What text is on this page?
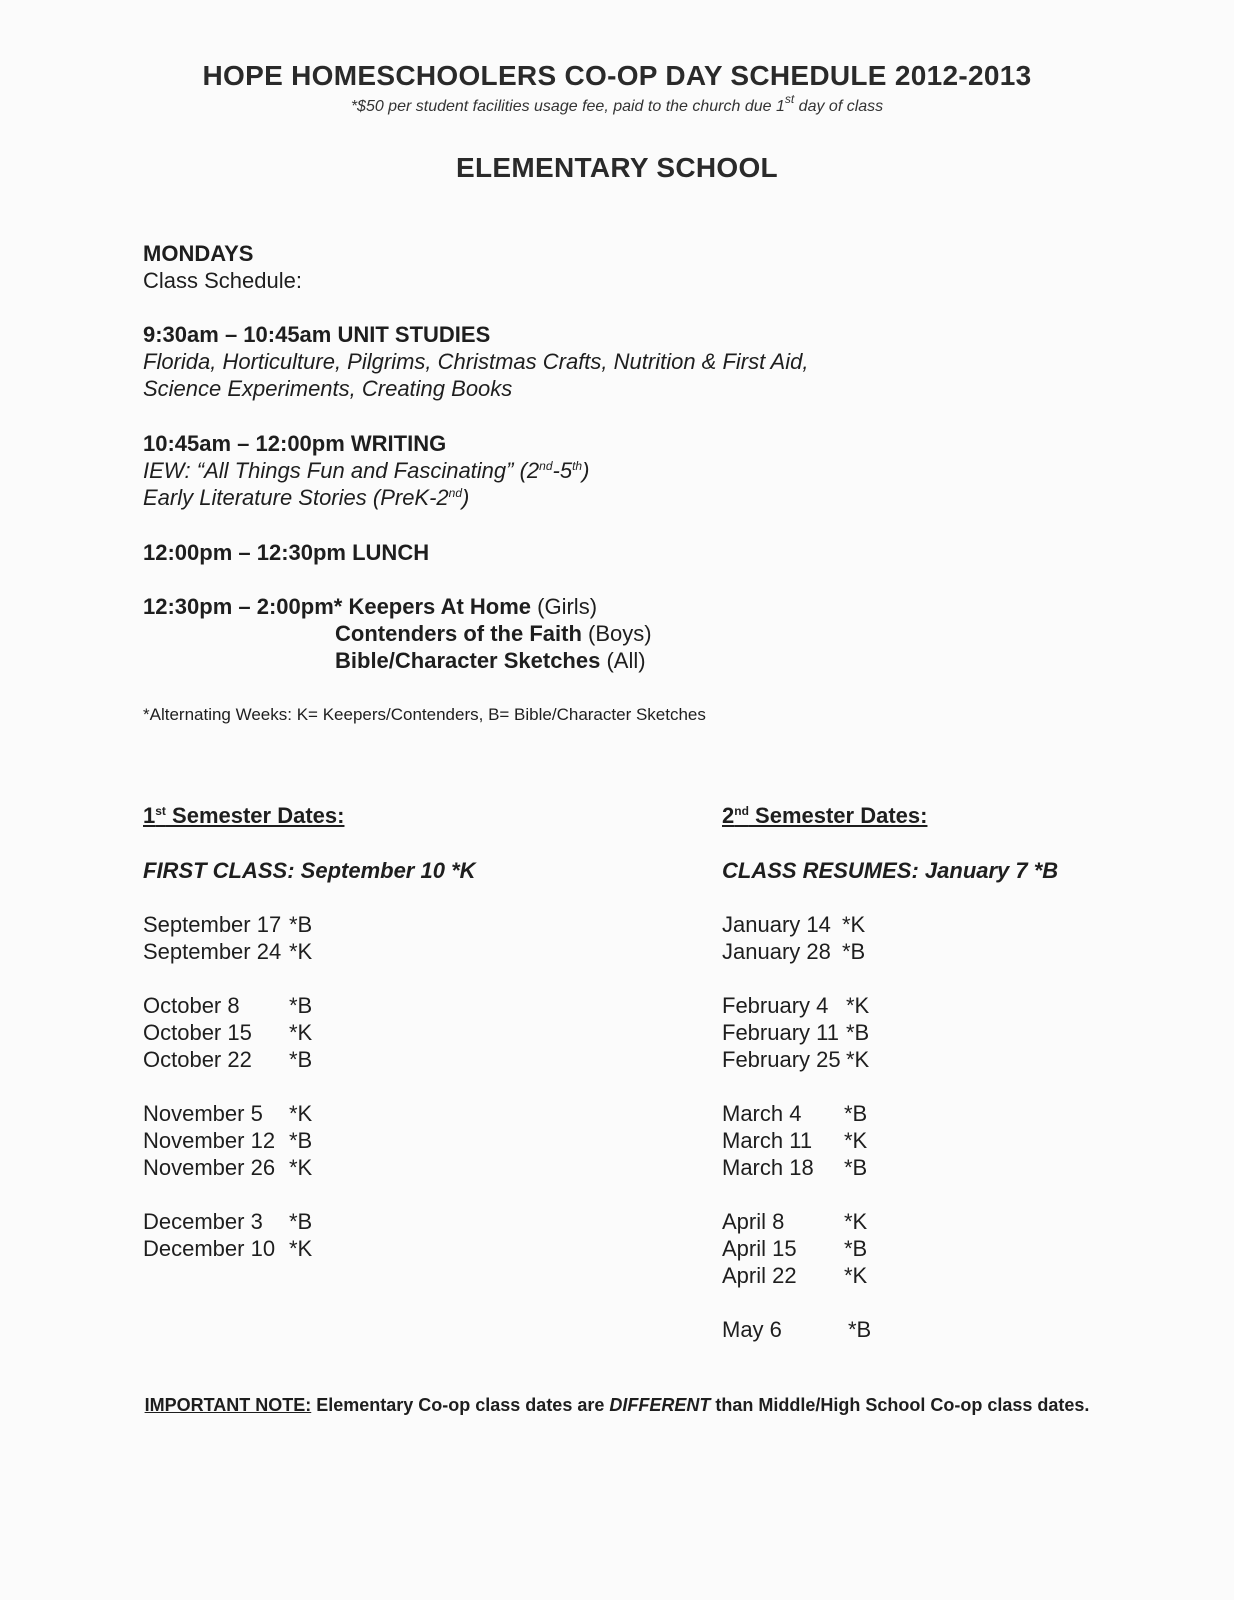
HOPE HOMESCHOOLERS CO-OP DAY SCHEDULE 2012-2013
*$50 per student facilities usage fee, paid to the church due 1st day of class
ELEMENTARY SCHOOL
MONDAYS
Class Schedule:
9:30am – 10:45am UNIT STUDIES
Florida, Horticulture, Pilgrims, Christmas Crafts, Nutrition & First Aid,
Science Experiments, Creating Books
10:45am – 12:00pm WRITING
IEW: “All Things Fun and Fascinating” (2nd-5th)
Early Literature Stories (PreK-2nd)
12:00pm – 12:30pm LUNCH
12:30pm – 2:00pm* Keepers At Home (Girls)
Contenders of the Faith (Boys)
Bible/Character Sketches (All)
*Alternating Weeks: K= Keepers/Contenders, B= Bible/Character Sketches
1st Semester Dates:
FIRST CLASS: September 10 *K
September 17 *B
September 24 *K
October 8	*B
October 15	*K
October 22	*B
November 5	*K
November 12 *B
November 26 *K
December 3	*B
December 10 *K
2nd Semester Dates:
CLASS RESUMES: January 7 *B
January 14 *K
January 28 *B
February 4 *K
February 11 *B
February 25 *K
March 4	*B
March 11	*K
March 18	*B
April 8	*K
April 15	*B
April 22	*K
May 6	*B
IMPORTANT NOTE: Elementary Co-op class dates are DIFFERENT than Middle/High School Co-op class dates.
